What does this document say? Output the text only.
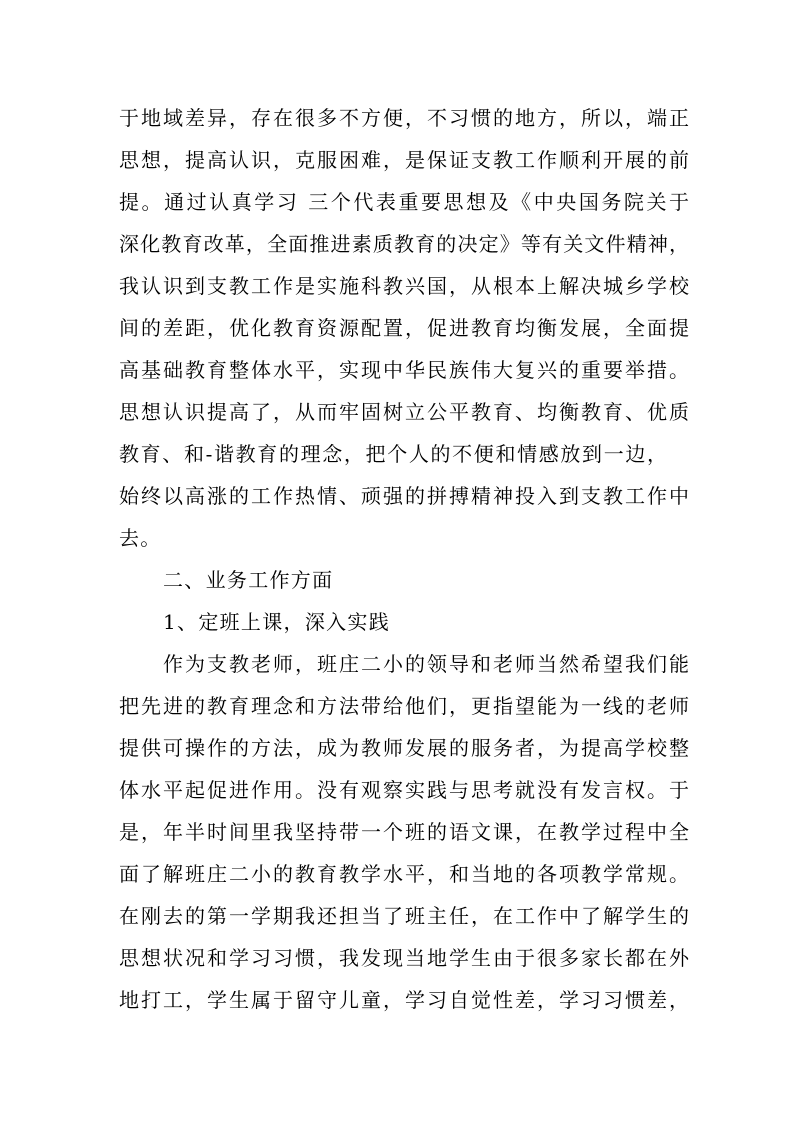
于地域差异，存在很多不方便，不习惯的地方，所以，端正
思想，提高认识，克服困难，是保证支教工作顺利开展的前
提。通过认真学习 三个代表重要思想及《中央国务院关于
深化教育改革，全面推进素质教育的决定》等有关文件精神，
我认识到支教工作是实施科教兴国，从根本上解决城乡学校
间的差距，优化教育资源配置，促进教育均衡发展，全面提
高基础教育整体水平，实现中华民族伟大复兴的重要举措。
思想认识提高了，从而牢固树立公平教育、均衡教育、优质
教育、和-谐教育的理念，把个人的不便和情感放到一边，
始终以高涨的工作热情、顽强的拼搏精神投入到支教工作中
去。
二、业务工作方面
1、定班上课，深入实践
作为支教老师，班庄二小的领导和老师当然希望我们能
把先进的教育理念和方法带给他们，更指望能为一线的老师
提供可操作的方法，成为教师发展的服务者，为提高学校整
体水平起促进作用。没有观察实践与思考就没有发言权。于
是，年半时间里我坚持带一个班的语文课，在教学过程中全
面了解班庄二小的教育教学水平，和当地的各项教学常规。
在刚去的第一学期我还担当了班主任，在工作中了解学生的
思想状况和学习习惯，我发现当地学生由于很多家长都在外
地打工，学生属于留守儿童，学习自觉性差，学习习惯差，
